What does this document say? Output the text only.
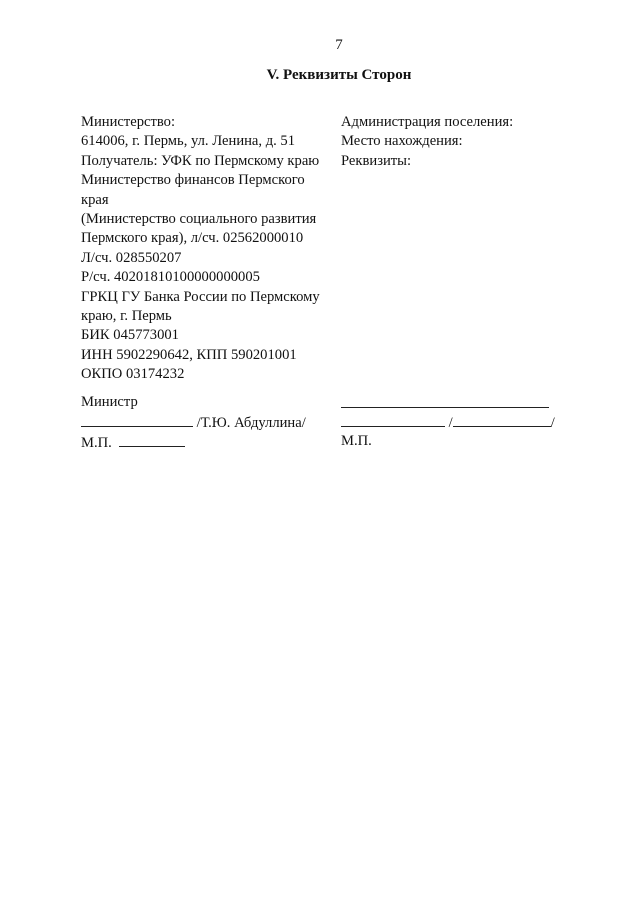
7
V. Реквизиты Сторон
Министерство:
614006, г. Пермь, ул. Ленина, д. 51
Получатель: УФК по Пермскому краю
Министерство финансов Пермского
края
(Министерство социального развития
Пермского края), л/сч. 02562000010
Л/сч. 028550207
Р/сч. 40201810100000000005
ГРКЦ ГУ Банка России по Пермскому
краю, г. Пермь
БИК 045773001
ИНН 5902290642, КПП 590201001
ОКПО 03174232
Администрация поселения:
Место нахождения:
Реквизиты:
Министр
/Т.Ю. Абдуллина/
М.П.
/	/
М.П.
